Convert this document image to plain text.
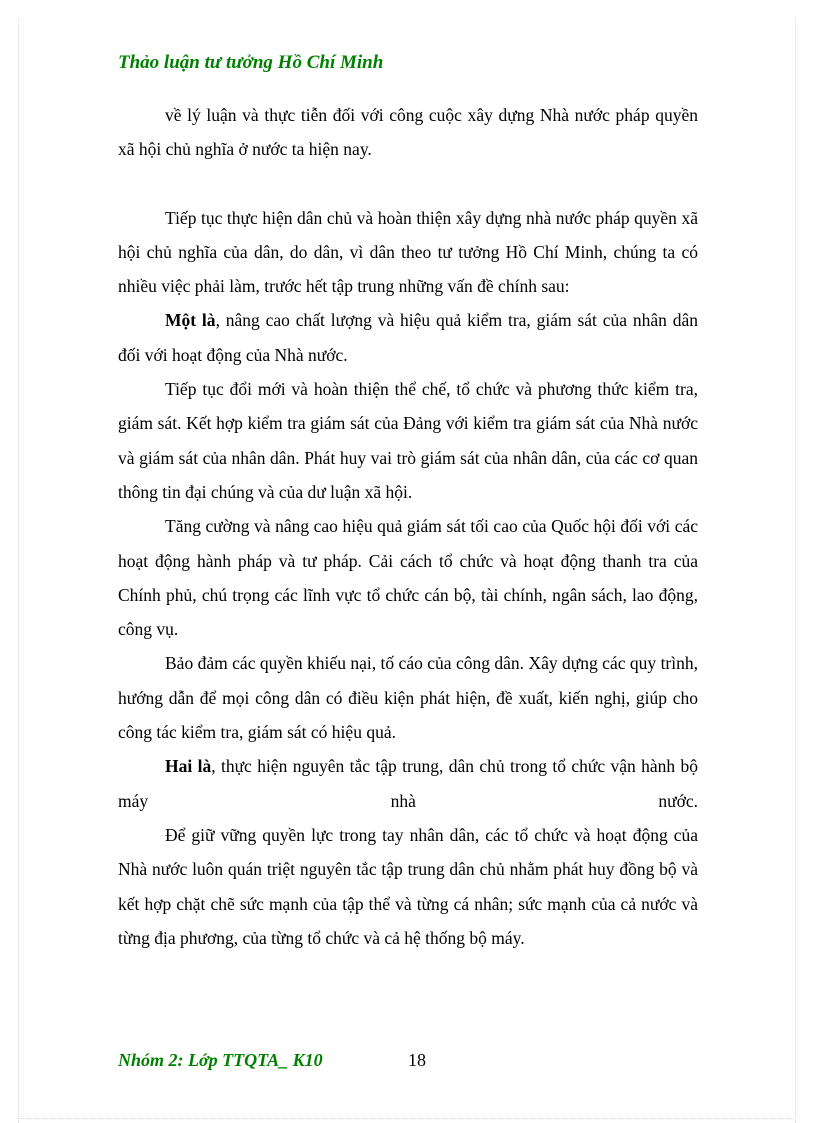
Thảo luận tư tưởng Hồ Chí Minh

về lý luận và thực tiễn đối với công cuộc xây dựng Nhà nước pháp quyền xã hội chủ nghĩa ở nước ta hiện nay.

Tiếp tục thực hiện dân chủ và hoàn thiện xây dựng nhà nước pháp quyền xã hội chủ nghĩa của dân, do dân, vì dân theo tư tưởng Hồ Chí Minh, chúng ta có nhiều việc phải làm, trước hết tập trung những vấn đề chính sau:

Một là, nâng cao chất lượng và hiệu quả kiểm tra, giám sát của nhân dân đối với hoạt động của Nhà nước.

Tiếp tục đổi mới và hoàn thiện thể chế, tổ chức và phương thức kiểm tra, giám sát. Kết hợp kiểm tra giám sát của Đảng với kiểm tra giám sát của Nhà nước và giám sát của nhân dân. Phát huy vai trò giám sát của nhân dân, của các cơ quan thông tin đại chúng và của dư luận xã hội.

Tăng cường và nâng cao hiệu quả giám sát tối cao của Quốc hội đối với các hoạt động hành pháp và tư pháp. Cải cách tổ chức và hoạt động thanh tra của Chính phủ, chú trọng các lĩnh vực tổ chức cán bộ, tài chính, ngân sách, lao động, công vụ.

Bảo đảm các quyền khiếu nại, tố cáo của công dân. Xây dựng các quy trình, hướng dẫn để mọi công dân có điều kiện phát hiện, đề xuất, kiến nghị, giúp cho công tác kiểm tra, giám sát có hiệu quả.

Hai là, thực hiện nguyên tắc tập trung, dân chủ trong tổ chức vận hành bộ máy nhà nước.

Để giữ vững quyền lực trong tay nhân dân, các tổ chức và hoạt động của Nhà nước luôn quán triệt nguyên tắc tập trung dân chủ nhằm phát huy đồng bộ và kết hợp chặt chẽ sức mạnh của tập thể và từng cá nhân; sức mạnh của cả nước và từng địa phương, của từng tổ chức và cả hệ thống bộ máy.

Nhóm 2: Lớp TTQTA_ K10	18
